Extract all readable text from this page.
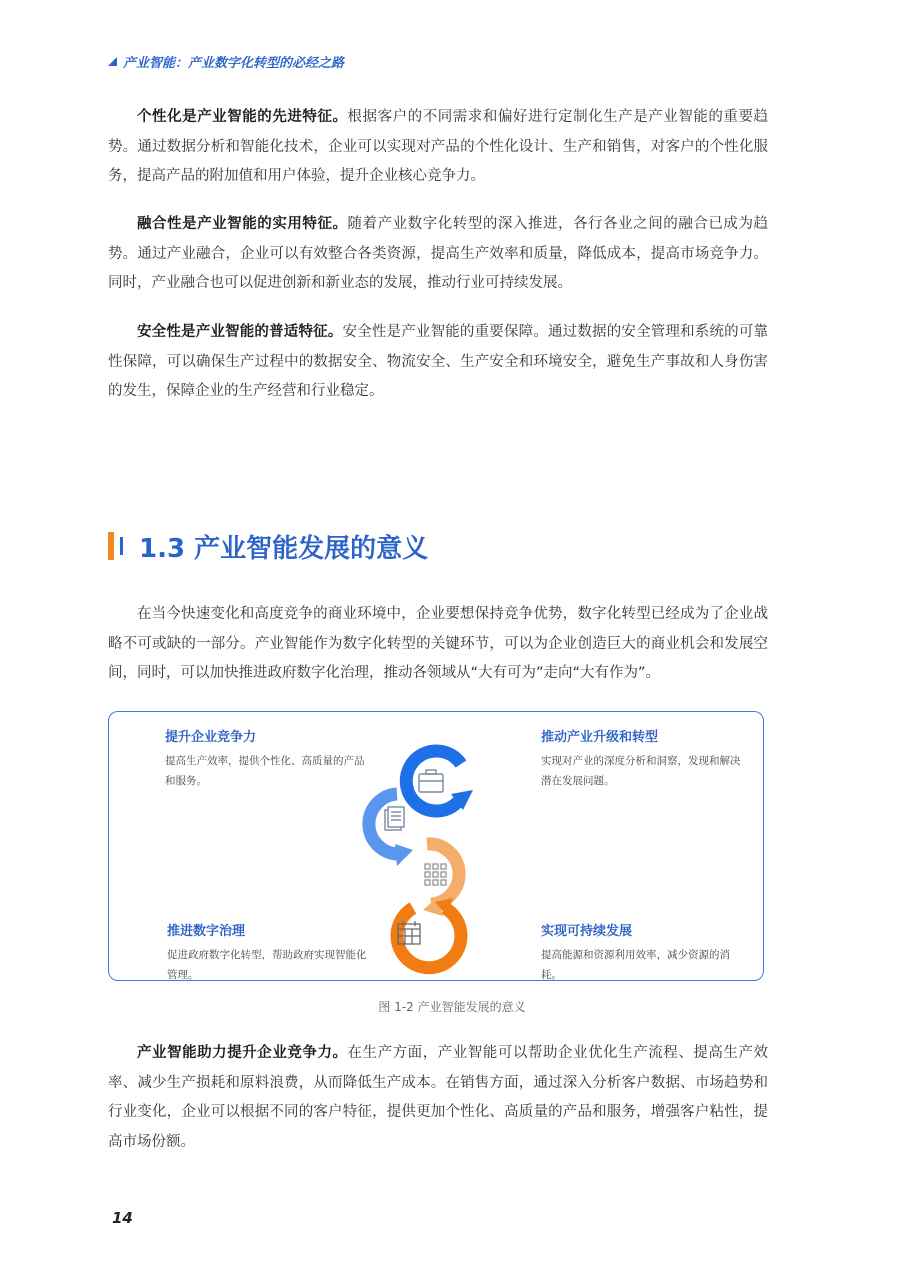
产业智能：产业数字化转型的必经之路

个性化是产业智能的先进特征。根据客户的不同需求和偏好进行定制化生产是产业智能的重要趋势。通过数据分析和智能化技术，企业可以实现对产品的个性化设计、生产和销售，对客户的个性化服务，提高产品的附加值和用户体验，提升企业核心竞争力。

融合性是产业智能的实用特征。随着产业数字化转型的深入推进，各行各业之间的融合已成为趋势。通过产业融合，企业可以有效整合各类资源，提高生产效率和质量，降低成本，提高市场竞争力。同时，产业融合也可以促进创新和新业态的发展，推动行业可持续发展。

安全性是产业智能的普适特征。安全性是产业智能的重要保障。通过数据的安全管理和系统的可靠性保障，可以确保生产过程中的数据安全、物流安全、生产安全和环境安全，避免生产事故和人身伤害的发生，保障企业的生产经营和行业稳定。

1.3 产业智能发展的意义

在当今快速变化和高度竞争的商业环境中，企业要想保持竞争优势，数字化转型已经成为了企业战略不可或缺的一部分。产业智能作为数字化转型的关键环节，可以为企业创造巨大的商业机会和发展空间，同时，可以加快推进政府数字化治理，推动各领域从“大有可为”走向“大有作为”。

提升企业竞争力
提高生产效率，提供个性化、高质量的产品和服务。
推动产业升级和转型
实现对产业的深度分析和洞察，发现和解决潜在发展问题。
推进数字治理
促进政府数字化转型，帮助政府实现智能化管理。
实现可持续发展
提高能源和资源利用效率，减少资源的消耗。
图 1-2 产业智能发展的意义

产业智能助力提升企业竞争力。在生产方面，产业智能可以帮助企业优化生产流程、提高生产效率、减少生产损耗和原料浪费，从而降低生产成本。在销售方面，通过深入分析客户数据、市场趋势和行业变化，企业可以根据不同的客户特征，提供更加个性化、高质量的产品和服务，增强客户粘性，提高市场份额。

14
